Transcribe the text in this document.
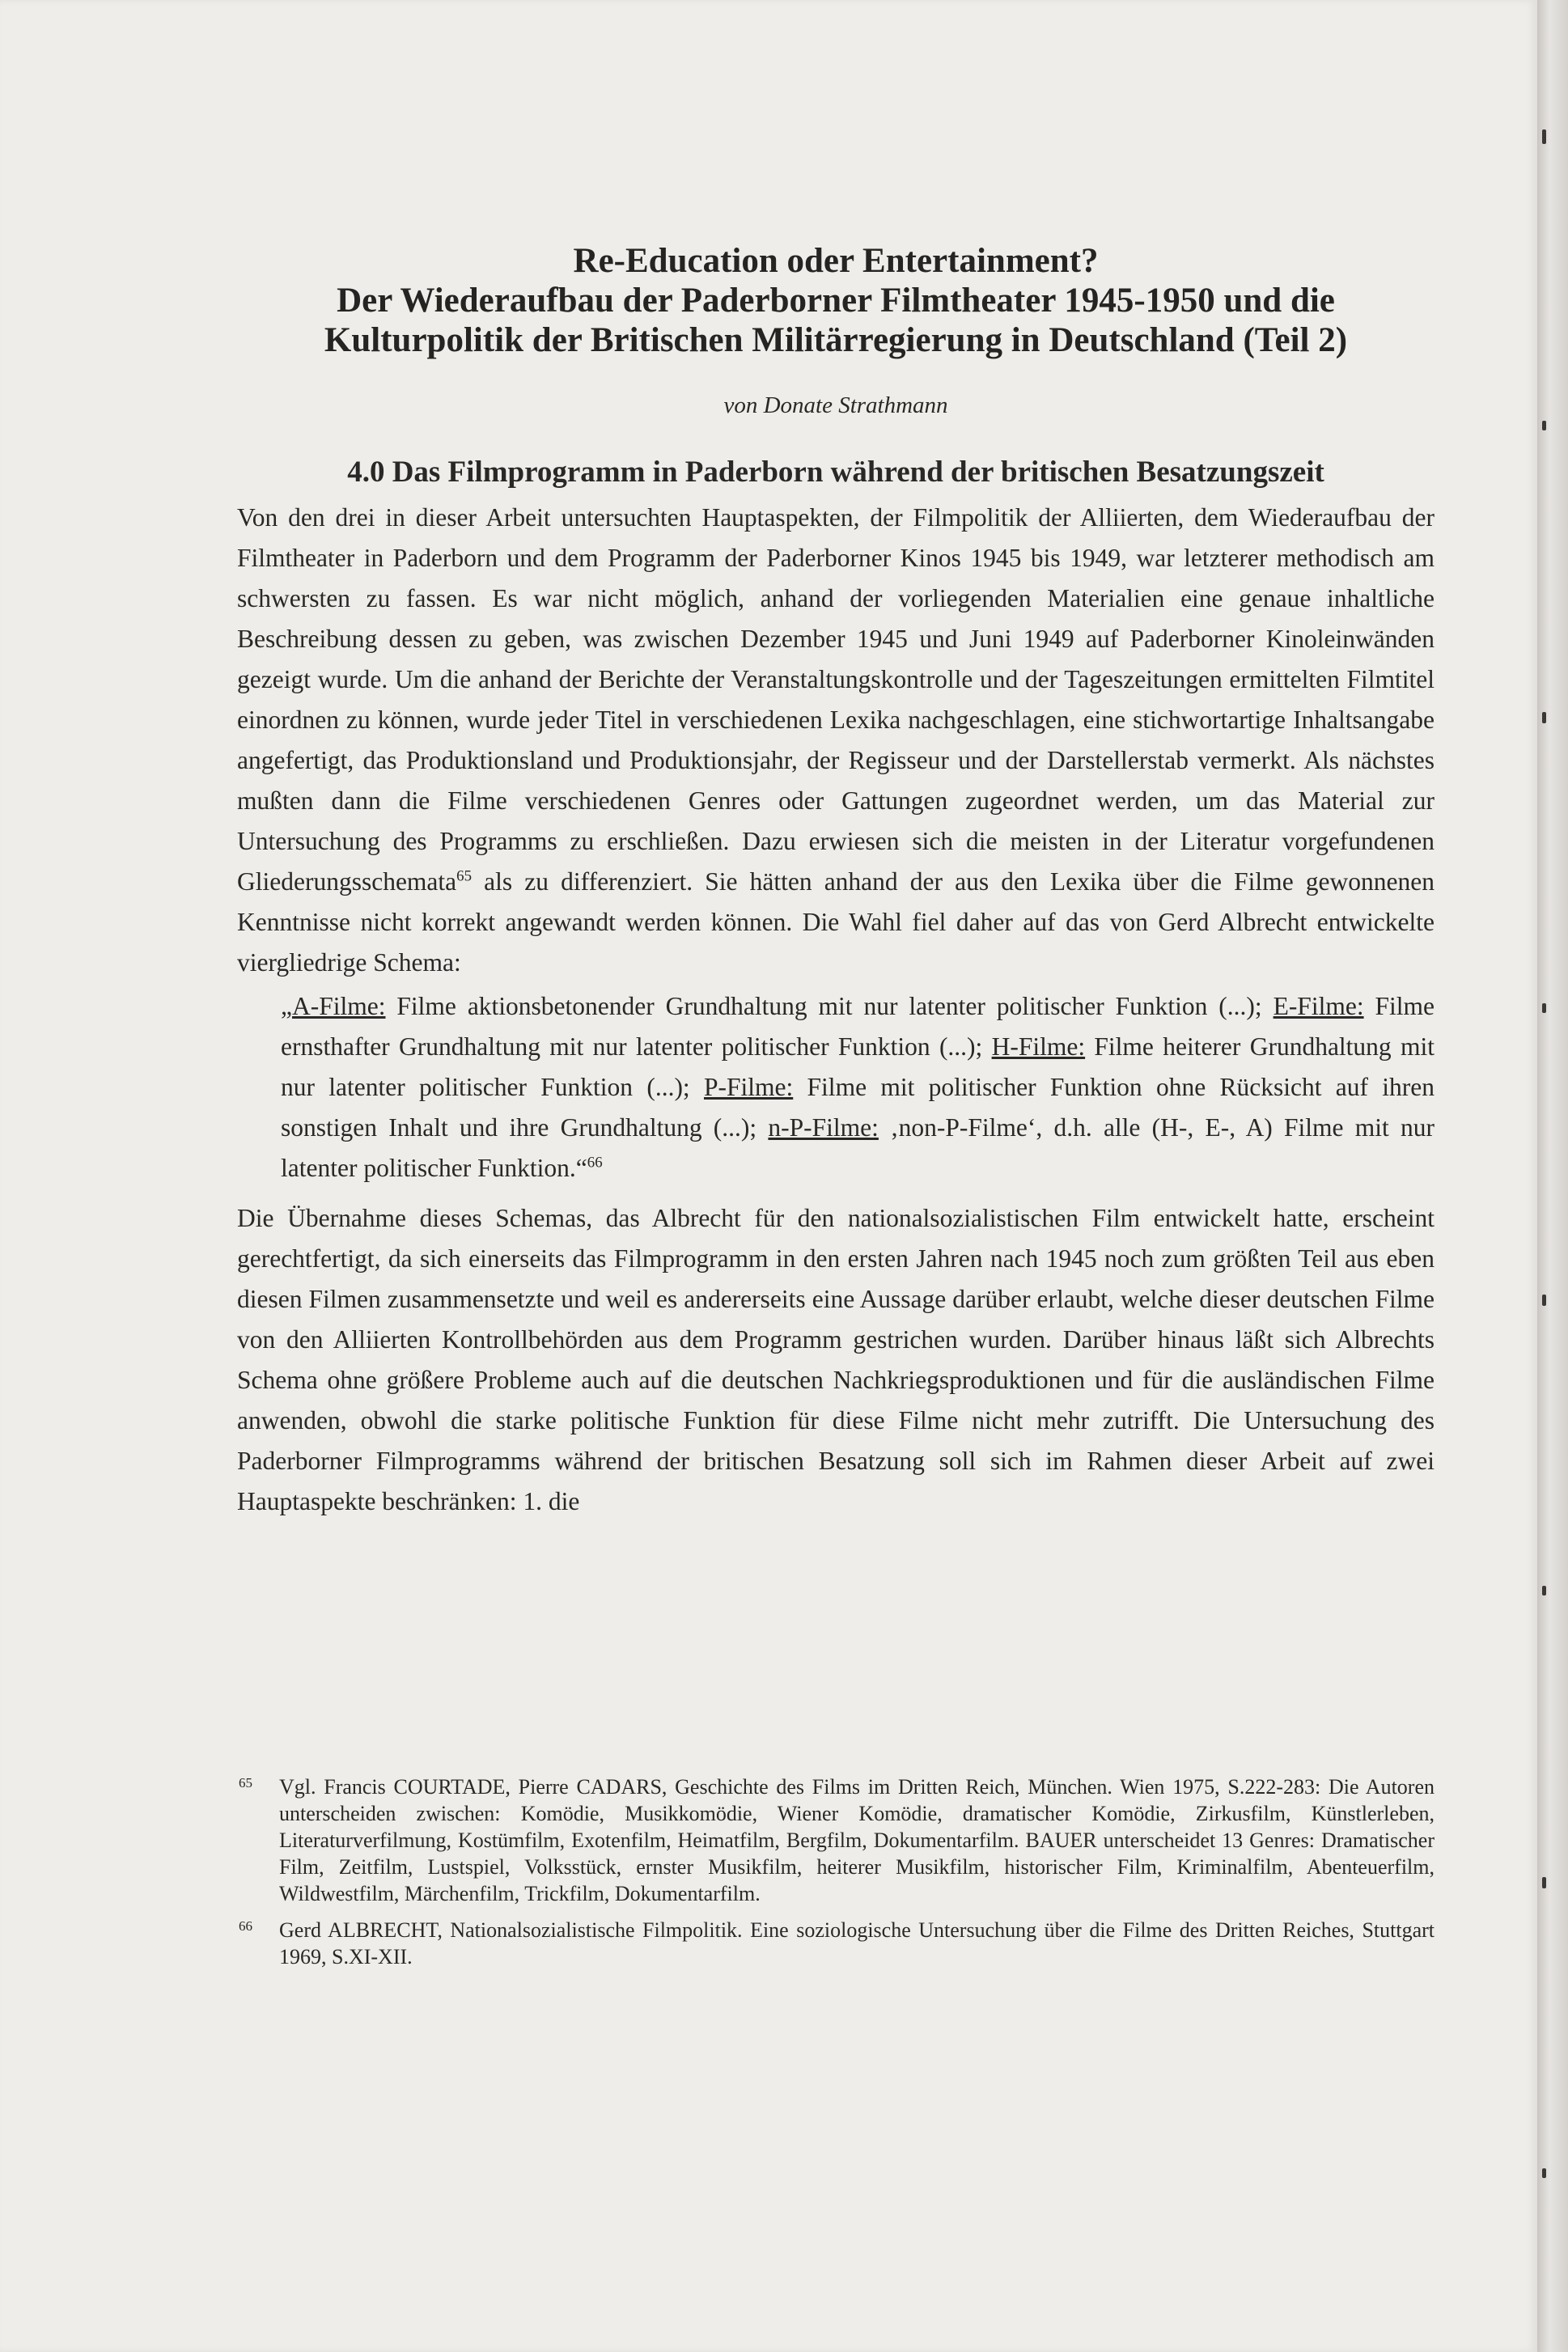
Re-Education oder Entertainment?
Der Wiederaufbau der Paderborner Filmtheater 1945-1950 und die
Kulturpolitik der Britischen Militärregierung in Deutschland (Teil 2)

von Donate Strathmann

4.0 Das Filmprogramm in Paderborn während der britischen Besatzungszeit

Von den drei in dieser Arbeit untersuchten Hauptaspekten, der Filmpolitik der Alliierten, dem Wiederaufbau der Filmtheater in Paderborn und dem Programm der Paderborner Kinos 1945 bis 1949, war letzterer methodisch am schwersten zu fassen. Es war nicht möglich, anhand der vorliegenden Materialien eine genaue inhaltliche Beschreibung dessen zu geben, was zwischen Dezember 1945 und Juni 1949 auf Paderborner Kinoleinwänden gezeigt wurde. Um die anhand der Berichte der Veranstaltungskontrolle und der Tageszeitungen ermittelten Filmtitel einordnen zu können, wurde jeder Titel in verschiedenen Lexika nachgeschlagen, eine stichwortartige Inhaltsangabe angefertigt, das Produktionsland und Produktionsjahr, der Regisseur und der Darstellerstab vermerkt. Als nächstes mußten dann die Filme verschiedenen Genres oder Gattungen zugeordnet werden, um das Material zur Untersuchung des Programms zu erschließen. Dazu erwiesen sich die meisten in der Literatur vorgefundenen Gliederungsschemata$^{65}$ als zu differenziert. Sie hätten anhand der aus den Lexika über die Filme gewonnenen Kenntnisse nicht korrekt angewandt werden können. Die Wahl fiel daher auf das von Gerd Albrecht entwickelte viergliedrige Schema:

„A-Filme: Filme aktionsbetonender Grundhaltung mit nur latenter politischer Funktion (...); E-Filme: Filme ernsthafter Grundhaltung mit nur latenter politischer Funktion (...); H-Filme: Filme heiterer Grundhaltung mit nur latenter politischer Funktion (...); P-Filme: Filme mit politischer Funktion ohne Rücksicht auf ihren sonstigen Inhalt und ihre Grundhaltung (...); n-P-Filme: ‚non-P-Filme‘, d.h. alle (H-, E-, A) Filme mit nur latenter politischer Funktion.“$^{66}$

Die Übernahme dieses Schemas, das Albrecht für den nationalsozialistischen Film entwickelt hatte, erscheint gerechtfertigt, da sich einerseits das Filmprogramm in den ersten Jahren nach 1945 noch zum größten Teil aus eben diesen Filmen zusammensetzte und weil es andererseits eine Aussage darüber erlaubt, welche dieser deutschen Filme von den Alliierten Kontrollbehörden aus dem Programm gestrichen wurden. Darüber hinaus läßt sich Albrechts Schema ohne größere Probleme auch auf die deutschen Nachkriegsproduktionen und für die ausländischen Filme anwenden, obwohl die starke politische Funktion für diese Filme nicht mehr zutrifft. Die Untersuchung des Paderborner Filmprogramms während der britischen Besatzung soll sich im Rahmen dieser Arbeit auf zwei Hauptaspekte beschränken: 1. die

65 Vgl. Francis COURTADE, Pierre CADARS, Geschichte des Films im Dritten Reich, München. Wien 1975, S.222-283: Die Autoren unterscheiden zwischen: Komödie, Musikkomödie, Wiener Komödie, dramatischer Komödie, Zirkusfilm, Künstlerleben, Literaturverfilmung, Kostümfilm, Exotenfilm, Heimatfilm, Bergfilm, Dokumentarfilm. BAUER unterscheidet 13 Genres: Dramatischer Film, Zeitfilm, Lustspiel, Volksstück, ernster Musikfilm, heiterer Musikfilm, historischer Film, Kriminalfilm, Abenteuerfilm, Wildwestfilm, Märchenfilm, Trickfilm, Dokumentarfilm.

66 Gerd ALBRECHT, Nationalsozialistische Filmpolitik. Eine soziologische Untersuchung über die Filme des Dritten Reiches, Stuttgart 1969, S.XI-XII.
